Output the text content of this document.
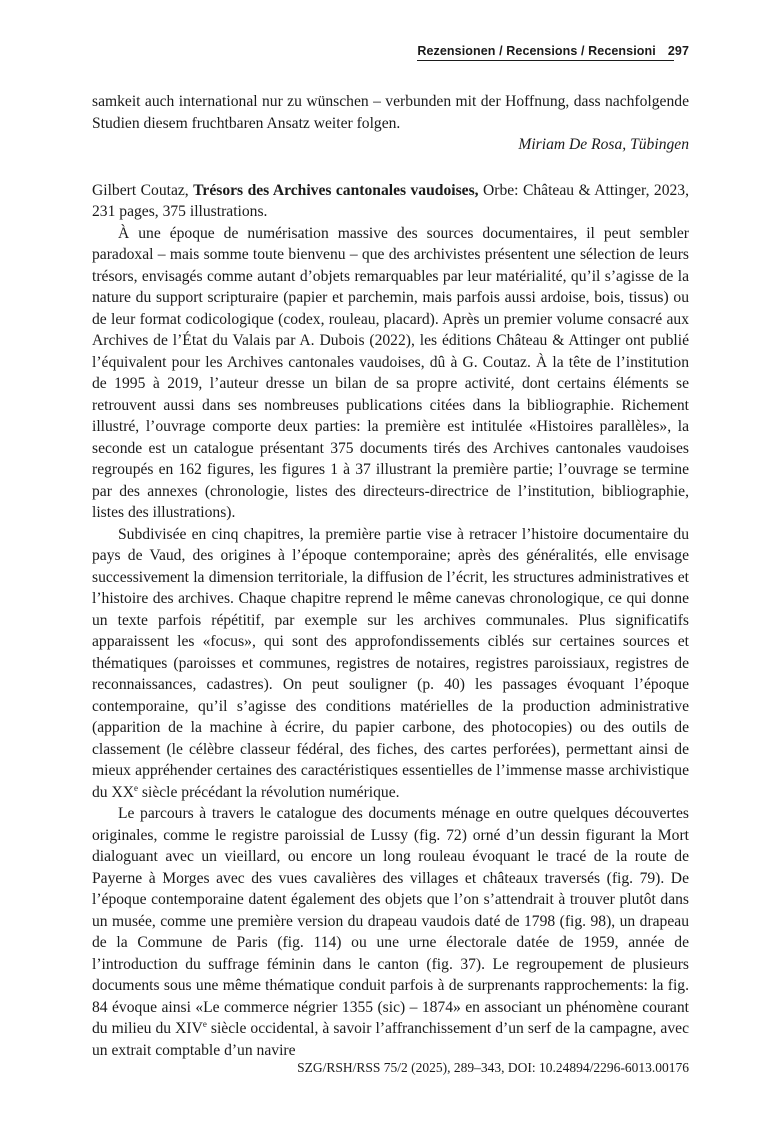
Rezensionen / Recensions / Recensioni 297

samkeit auch international nur zu wünschen – verbunden mit der Hoffnung, dass nachfolgende Studien diesem fruchtbaren Ansatz weiter folgen.

Miriam De Rosa, Tübingen

Gilbert Coutaz, Trésors des Archives cantonales vaudoises, Orbe: Château & Attinger, 2023, 231 pages, 375 illustrations.

À une époque de numérisation massive des sources documentaires, il peut sembler paradoxal – mais somme toute bienvenu – que des archivistes présentent une sélection de leurs trésors, envisagés comme autant d’objets remarquables par leur matérialité, qu’il s’agisse de la nature du support scripturaire (papier et parchemin, mais parfois aussi ardoise, bois, tissus) ou de leur format codicologique (codex, rouleau, placard). Après un premier volume consacré aux Archives de l’État du Valais par A. Dubois (2022), les éditions Château & Attinger ont publié l’équivalent pour les Archives cantonales vaudoises, dû à G. Coutaz. À la tête de l’institution de 1995 à 2019, l’auteur dresse un bilan de sa propre activité, dont certains éléments se retrouvent aussi dans ses nombreuses publications citées dans la bibliographie. Richement illustré, l’ouvrage comporte deux parties: la première est intitulée «Histoires parallèles», la seconde est un catalogue présentant 375 documents tirés des Archives cantonales vaudoises regroupés en 162 figures, les figures 1 à 37 illustrant la première partie; l’ouvrage se termine par des annexes (chronologie, listes des directeurs-directrice de l’institution, bibliographie, listes des illustrations).

Subdivisée en cinq chapitres, la première partie vise à retracer l’histoire documentaire du pays de Vaud, des origines à l’époque contemporaine; après des généralités, elle envisage successivement la dimension territoriale, la diffusion de l’écrit, les structures administratives et l’histoire des archives. Chaque chapitre reprend le même canevas chronologique, ce qui donne un texte parfois répétitif, par exemple sur les archives communales. Plus significatifs apparaissent les «focus», qui sont des approfondissements ciblés sur certaines sources et thématiques (paroisses et communes, registres de notaires, registres paroissiaux, registres de reconnaissances, cadastres). On peut souligner (p. 40) les passages évoquant l’époque contemporaine, qu’il s’agisse des conditions matérielles de la production administrative (apparition de la machine à écrire, du papier carbone, des photocopies) ou des outils de classement (le célèbre classeur fédéral, des fiches, des cartes perforées), permettant ainsi de mieux appréhender certaines des caractéristiques essentielles de l’immense masse archivistique du XXe siècle précédant la révolution numérique.

Le parcours à travers le catalogue des documents ménage en outre quelques découvertes originales, comme le registre paroissial de Lussy (fig. 72) orné d’un dessin figurant la Mort dialoguant avec un vieillard, ou encore un long rouleau évoquant le tracé de la route de Payerne à Morges avec des vues cavalières des villages et châteaux traversés (fig. 79). De l’époque contemporaine datent également des objets que l’on s’attendrait à trouver plutôt dans un musée, comme une première version du drapeau vaudois daté de 1798 (fig. 98), un drapeau de la Commune de Paris (fig. 114) ou une urne électorale datée de 1959, année de l’introduction du suffrage féminin dans le canton (fig. 37). Le regroupement de plusieurs documents sous une même thématique conduit parfois à de surprenants rapprochements: la fig. 84 évoque ainsi «Le commerce négrier 1355 (sic) – 1874» en associant un phénomène courant du milieu du XIVe siècle occidental, à savoir l’affranchissement d’un serf de la campagne, avec un extrait comptable d’un navire

SZG/RSH/RSS 75/2 (2025), 289–343, DOI: 10.24894/2296-6013.00176
